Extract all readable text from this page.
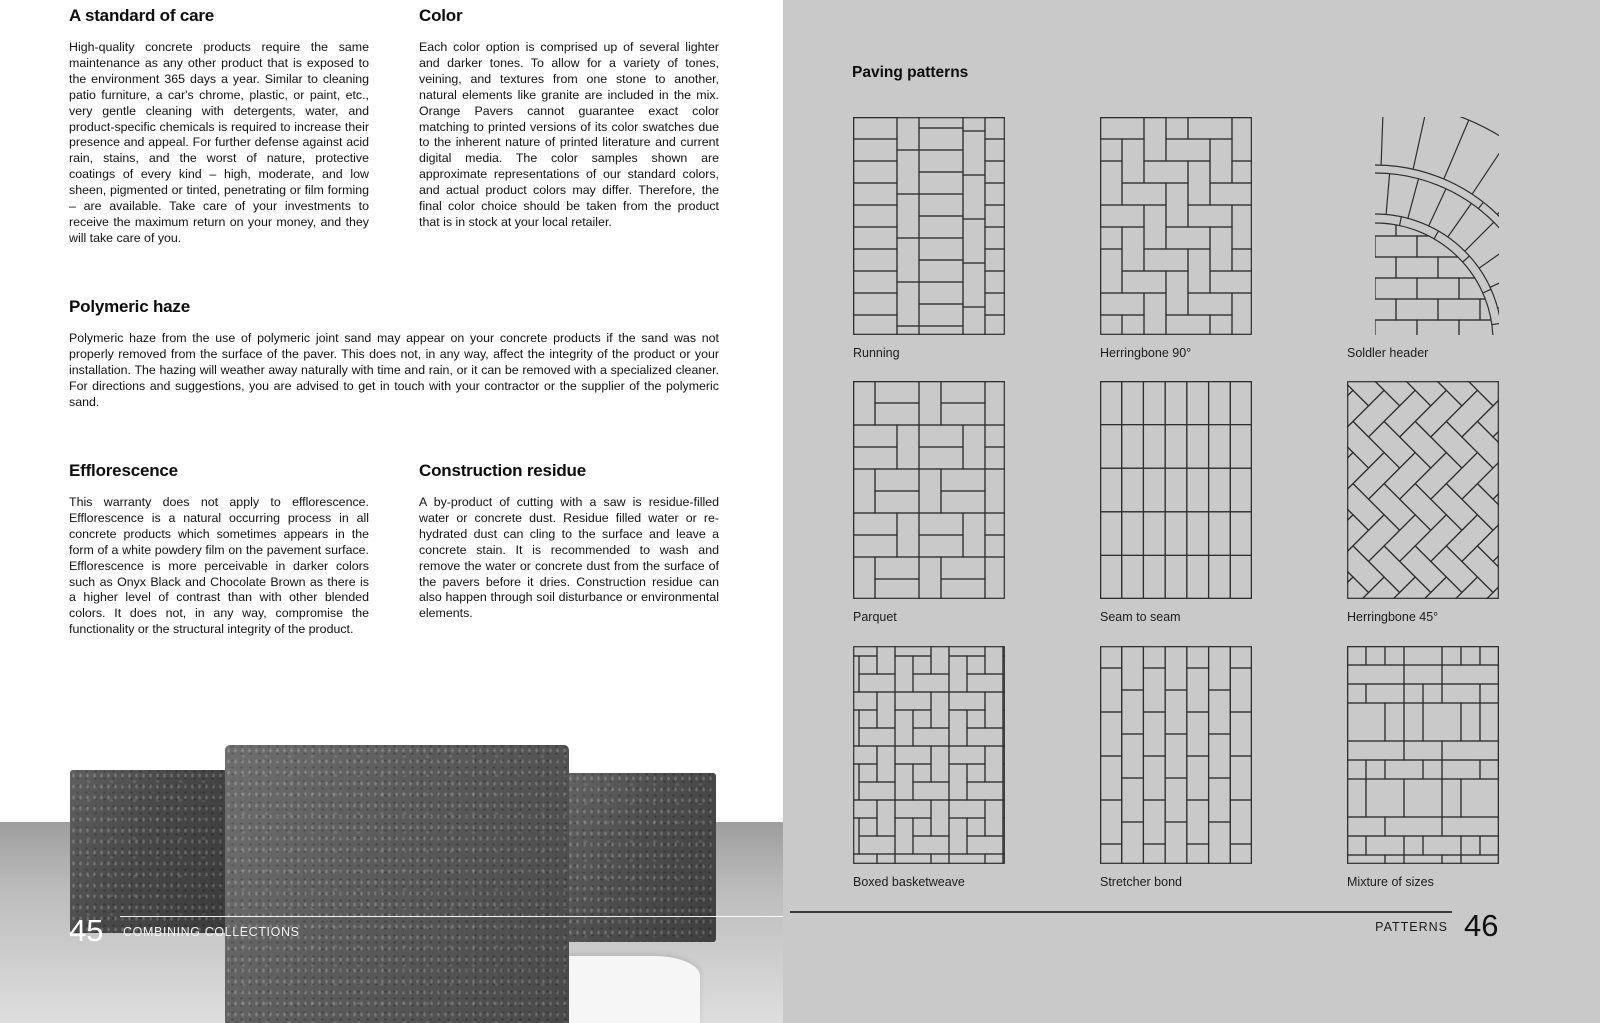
A standard of care
High-quality concrete products require the same maintenance as any other product that is exposed to the environment 365 days a year. Similar to cleaning patio furniture, a car's chrome, plastic, or paint, etc., very gentle cleaning with detergents, water, and product-specific chemicals is required to increase their presence and appeal. For further defense against acid rain, stains, and the worst of nature, protective coatings of every kind – high, moderate, and low sheen, pigmented or tinted, penetrating or film forming – are available. Take care of your investments to receive the maximum return on your money, and they will take care of you.
Color
Each color option is comprised up of several lighter and darker tones. To allow for a variety of tones, veining, and textures from one stone to another, natural elements like granite are included in the mix. Orange Pavers cannot guarantee exact color matching to printed versions of its color swatches due to the inherent nature of printed literature and current digital media. The color samples shown are approximate representations of our standard colors, and actual product colors may differ. Therefore, the final color choice should be taken from the product that is in stock at your local retailer.
Polymeric haze
Polymeric haze from the use of polymeric joint sand may appear on your concrete products if the sand was not properly removed from the surface of the paver. This does not, in any way, affect the integrity of the product or your installation. The hazing will weather away naturally with time and rain, or it can be removed with a specialized cleaner. For directions and suggestions, you are advised to get in touch with your contractor or the supplier of the polymeric sand.
Efflorescence
This warranty does not apply to efflorescence. Efflorescence is a natural occurring process in all concrete products which sometimes appears in the form of a white powdery film on the pavement surface. Efflorescence is more perceivable in darker colors such as Onyx Black and Chocolate Brown as there is a higher level of contrast than with other blended colors. It does not, in any way, compromise the functionality or the structural integrity of the product.
Construction residue
A by-product of cutting with a saw is residue-filled water or concrete dust. Residue filled water or re-hydrated dust can cling to the surface and leave a concrete stain. It is recommended to wash and remove the water or concrete dust from the surface of the pavers before it dries. Construction residue can also happen through soil disturbance or environmental elements.
45 COMBINING COLLECTIONS
Paving patterns
Running	Herringbone 90°	Soldler header
Parquet	Seam to seam	Herringbone 45°
Boxed basketweave	Stretcher bond	Mixture of sizes
PATTERNS 46
